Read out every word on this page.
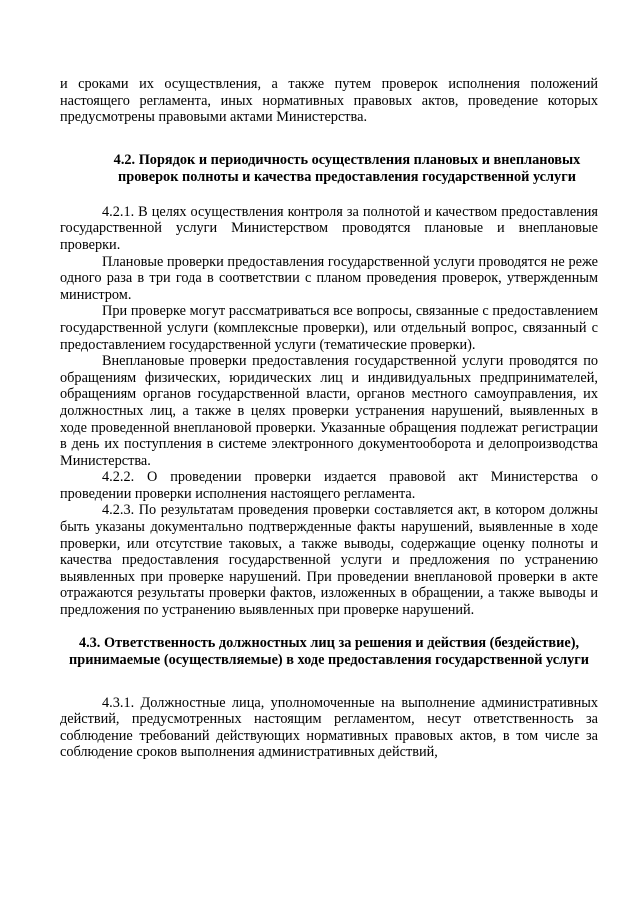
и сроками их осуществления, а также путем проверок исполнения положений настоящего регламента, иных нормативных правовых актов, проведение которых предусмотрены правовыми актами Министерства.

4.2. Порядок и периодичность осуществления плановых и внеплановых проверок полноты и качества предоставления государственной услуги

4.2.1. В целях осуществления контроля за полнотой и качеством предоставления государственной услуги Министерством проводятся плановые и внеплановые проверки.

Плановые проверки предоставления государственной услуги проводятся не реже одного раза в три года в соответствии с планом проведения проверок, утвержденным министром.

При проверке могут рассматриваться все вопросы, связанные с предоставлением государственной услуги (комплексные проверки), или отдельный вопрос, связанный с предоставлением государственной услуги (тематические проверки).

Внеплановые проверки предоставления государственной услуги проводятся по обращениям физических, юридических лиц и индивидуальных предпринимателей, обращениям органов государственной власти, органов местного самоуправления, их должностных лиц, а также в целях проверки устранения нарушений, выявленных в ходе проведенной внеплановой проверки. Указанные обращения подлежат регистрации в день их поступления в системе электронного документооборота и делопроизводства Министерства.

4.2.2. О проведении проверки издается правовой акт Министерства о проведении проверки исполнения настоящего регламента.

4.2.3. По результатам проведения проверки составляется акт, в котором должны быть указаны документально подтвержденные факты нарушений, выявленные в ходе проверки, или отсутствие таковых, а также выводы, содержащие оценку полноты и качества предоставления государственной услуги и предложения по устранению выявленных при проверке нарушений. При проведении внеплановой проверки в акте отражаются результаты проверки фактов, изложенных в обращении, а также выводы и предложения по устранению выявленных при проверке нарушений.

4.3. Ответственность должностных лиц за решения и действия (бездействие), принимаемые (осуществляемые) в ходе предоставления государственной услуги

4.3.1. Должностные лица, уполномоченные на выполнение административных действий, предусмотренных настоящим регламентом, несут ответственность за соблюдение требований действующих нормативных правовых актов, в том числе за соблюдение сроков выполнения административных действий,
